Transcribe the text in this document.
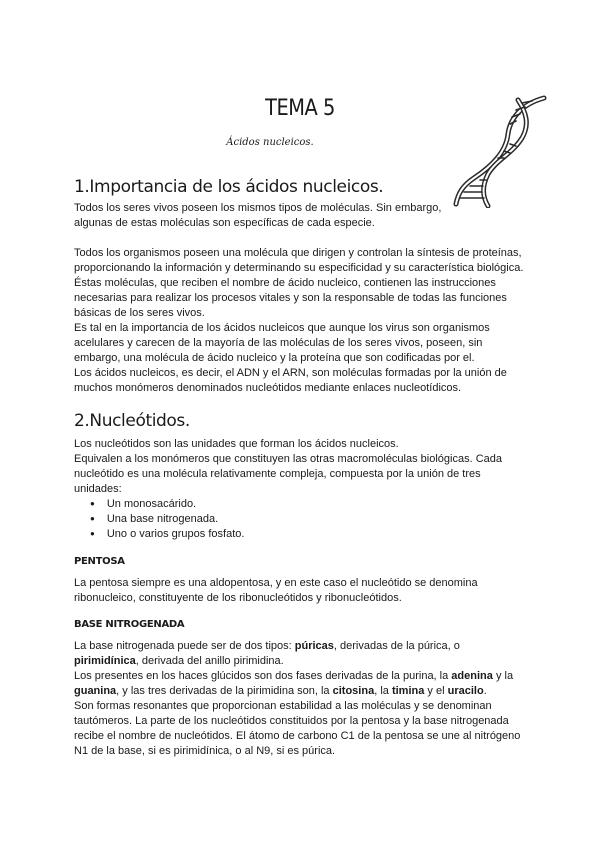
TEMA 5
Ácidos nucleicos.
1.Importancia de los ácidos nucleicos.
Todos los seres vivos poseen los mismos tipos de moléculas. Sin embargo,
algunas de estas moléculas son específicas de cada especie.
Todos los organismos poseen una molécula que dirigen y controlan la síntesis de proteínas,
proporcionando la información y determinando su especificidad y su característica biológica.
Éstas moléculas, que reciben el nombre de ácido nucleico, contienen las instrucciones
necesarias para realizar los procesos vitales y son la responsable de todas las funciones
básicas de los seres vivos.
Es tal en la importancia de los ácidos nucleicos que aunque los virus son organismos
acelulares y carecen de la mayoría de las moléculas de los seres vivos, poseen, sin
embargo, una molécula de ácido nucleico y la proteína que son codificadas por el.
Los ácidos nucleicos, es decir, el ADN y el ARN, son moléculas formadas por la unión de
muchos monómeros denominados nucleótidos mediante enlaces nucleotídicos.
2.Nucleótidos.
Los nucleótidos son las unidades que forman los ácidos nucleicos.
Equivalen a los monómeros que constituyen las otras macromoléculas biológicas. Cada
nucleótido es una molécula relativamente compleja, compuesta por la unión de tres
unidades:
● Un monosacárido.
● Una base nitrogenada.
● Uno o varios grupos fosfato.
PENTOSA
La pentosa siempre es una aldopentosa, y en este caso el nucleótido se denomina
ribonucleico, constituyente de los ribonucleótidos y ribonucleótidos.
BASE NITROGENADA
La base nitrogenada puede ser de dos tipos: púricas, derivadas de la púrica, o
pirimidínica, derivada del anillo pirimidina.
Los presentes en los haces glúcidos son dos fases derivadas de la purina, la adenina y la
guanina, y las tres derivadas de la pirimidina son, la citosina, la timina y el uracilo.
Son formas resonantes que proporcionan estabilidad a las moléculas y se denominan
tautómeros. La parte de los nucleótidos constituidos por la pentosa y la base nitrogenada
recibe el nombre de nucleótidos. El átomo de carbono C1 de la pentosa se une al nitrógeno
N1 de la base, si es pirimidínica, o al N9, si es púrica.
